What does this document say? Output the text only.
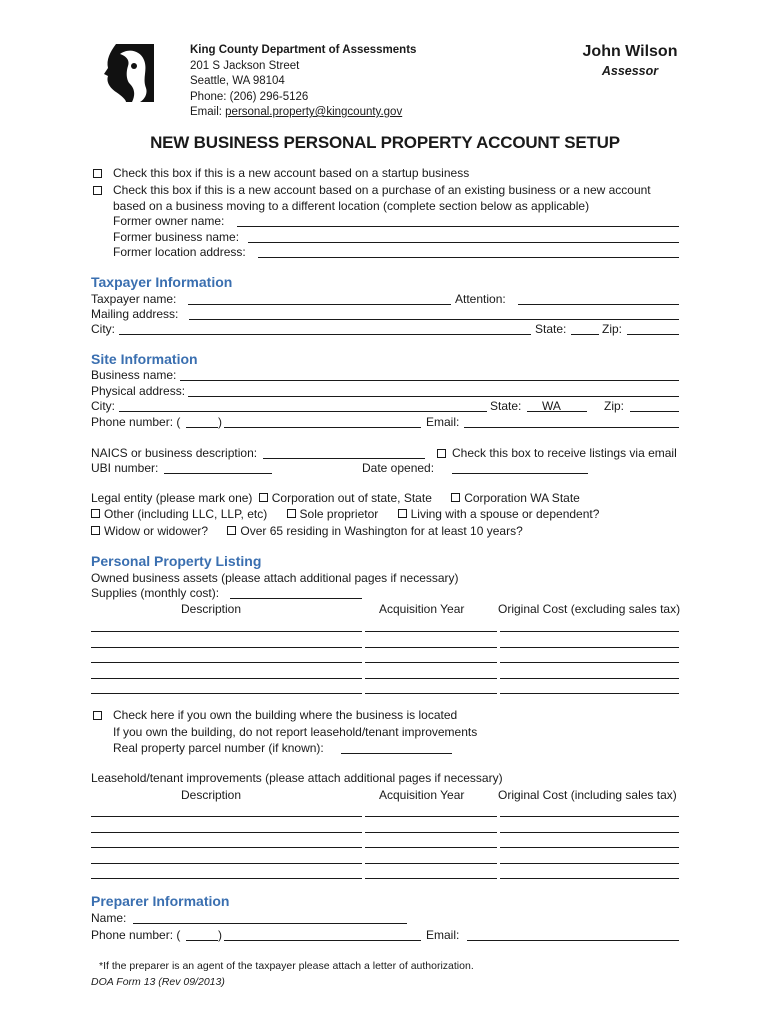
King County Department of Assessments
201 S Jackson Street
Seattle, WA 98104
Phone: (206) 296-5126
Email: personal.property@kingcounty.gov
John Wilson
Assessor
NEW BUSINESS PERSONAL PROPERTY ACCOUNT SETUP
Check this box if this is a new account based on a startup business
Check this box if this is a new account based on a purchase of an existing business or a new account
based on a business moving to a different location (complete section below as applicable)
Former owner name:
Former business name:
Former location address:
Taxpayer Information
Taxpayer name:	Attention:
Mailing address:
City:	State:	Zip:
Site Information
Business name:
Physical address:
City:	State: WA	Zip:
Phone number: (	)	Email:
NAICS or business description:	Check this box to receive listings via email
UBI number:	Date opened:
Legal entity (please mark one) Corporation out of state, State	Corporation WA State
Other (including LLC, LLP, etc)	Sole proprietor	Living with a spouse or dependent?
Widow or widower?	Over 65 residing in Washington for at least 10 years?
Personal Property Listing
Owned business assets (please attach additional pages if necessary)
Supplies (monthly cost):
Description	Acquisition Year	Original Cost (excluding sales tax)
Check here if you own the building where the business is located
If you own the building, do not report leasehold/tenant improvements
Real property parcel number (if known):
Leasehold/tenant improvements (please attach additional pages if necessary)
Description	Acquisition Year	Original Cost (including sales tax)
Preparer Information
Name:
Phone number: (	)	Email:
*If the preparer is an agent of the taxpayer please attach a letter of authorization.
DOA Form 13 (Rev 09/2013)
